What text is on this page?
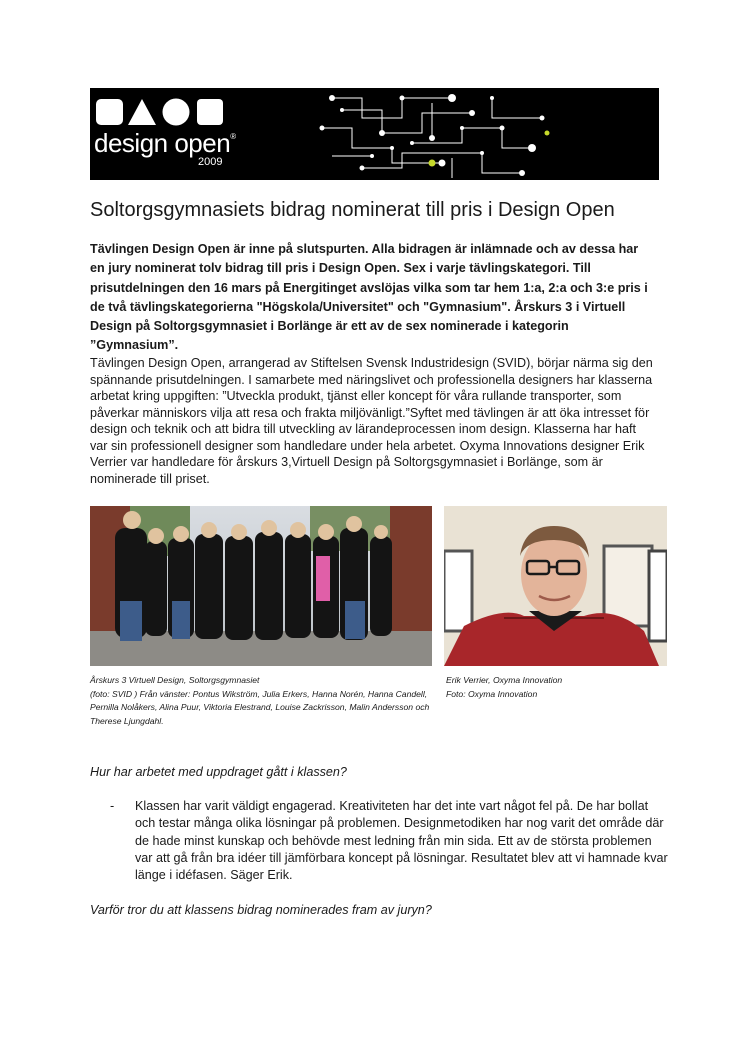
design open®
2009
Soltorgsgymnasiets bidrag nominerat till pris i Design Open

Tävlingen Design Open är inne på slutspurten. Alla bidragen är inlämnade och av dessa har en jury nominerat tolv bidrag till pris i Design Open. Sex i varje tävlingskategori. Till prisutdelningen den 16 mars på Energitinget avslöjas vilka som tar hem 1:a, 2:a och 3:e pris i de två tävlingskategorierna "Högskola/Universitet" och "Gymnasium". Årskurs 3 i Virtuell Design på Soltorgsgymnasiet i Borlänge är ett av de sex nominerade i kategorin ”Gymnasium”.

Tävlingen Design Open, arrangerad av Stiftelsen Svensk Industridesign (SVID), börjar närma sig den spännande prisutdelningen. I samarbete med näringslivet och professionella designers har klasserna arbetat kring uppgiften: ”Utveckla produkt, tjänst eller koncept för våra rullande transporter, som påverkar människors vilja att resa och frakta miljövänligt.”Syftet med tävlingen är att öka intresset för design och teknik och att bidra till utveckling av lärandeprocessen inom design. Klasserna har haft var sin professionell designer som handledare under hela arbetet. Oxyma Innovations designer Erik Verrier var handledare för årskurs 3,Virtuell Design på Soltorgsgymnasiet i Borlänge, som är nominerade till priset.

Årskurs 3 Virtuell Design, Soltorgsgymnasiet
(foto: SVID ) Från vänster: Pontus Wikström, Julia Erkers, Hanna Norén, Hanna Candell, Pernilla Nolåkers, Alina Puur, Viktoria Elestrand, Louise Zackrisson, Malin Andersson och Therese Ljungdahl.
Erik Verrier, Oxyma Innovation
Foto: Oxyma Innovation

Hur har arbetet med uppdraget gått i klassen?

- Klassen har varit väldigt engagerad. Kreativiteten har det inte vart något fel på. De har bollat och testar många olika lösningar på problemen. Designmetodiken har nog varit det område där de hade minst kunskap och behövde mest ledning från min sida. Ett av de största problemen var att gå från bra idéer till jämförbara koncept på lösningar. Resultatet blev att vi hamnade kvar länge i idéfasen. Säger Erik.

Varför tror du att klassens bidrag nominerades fram av juryn?
